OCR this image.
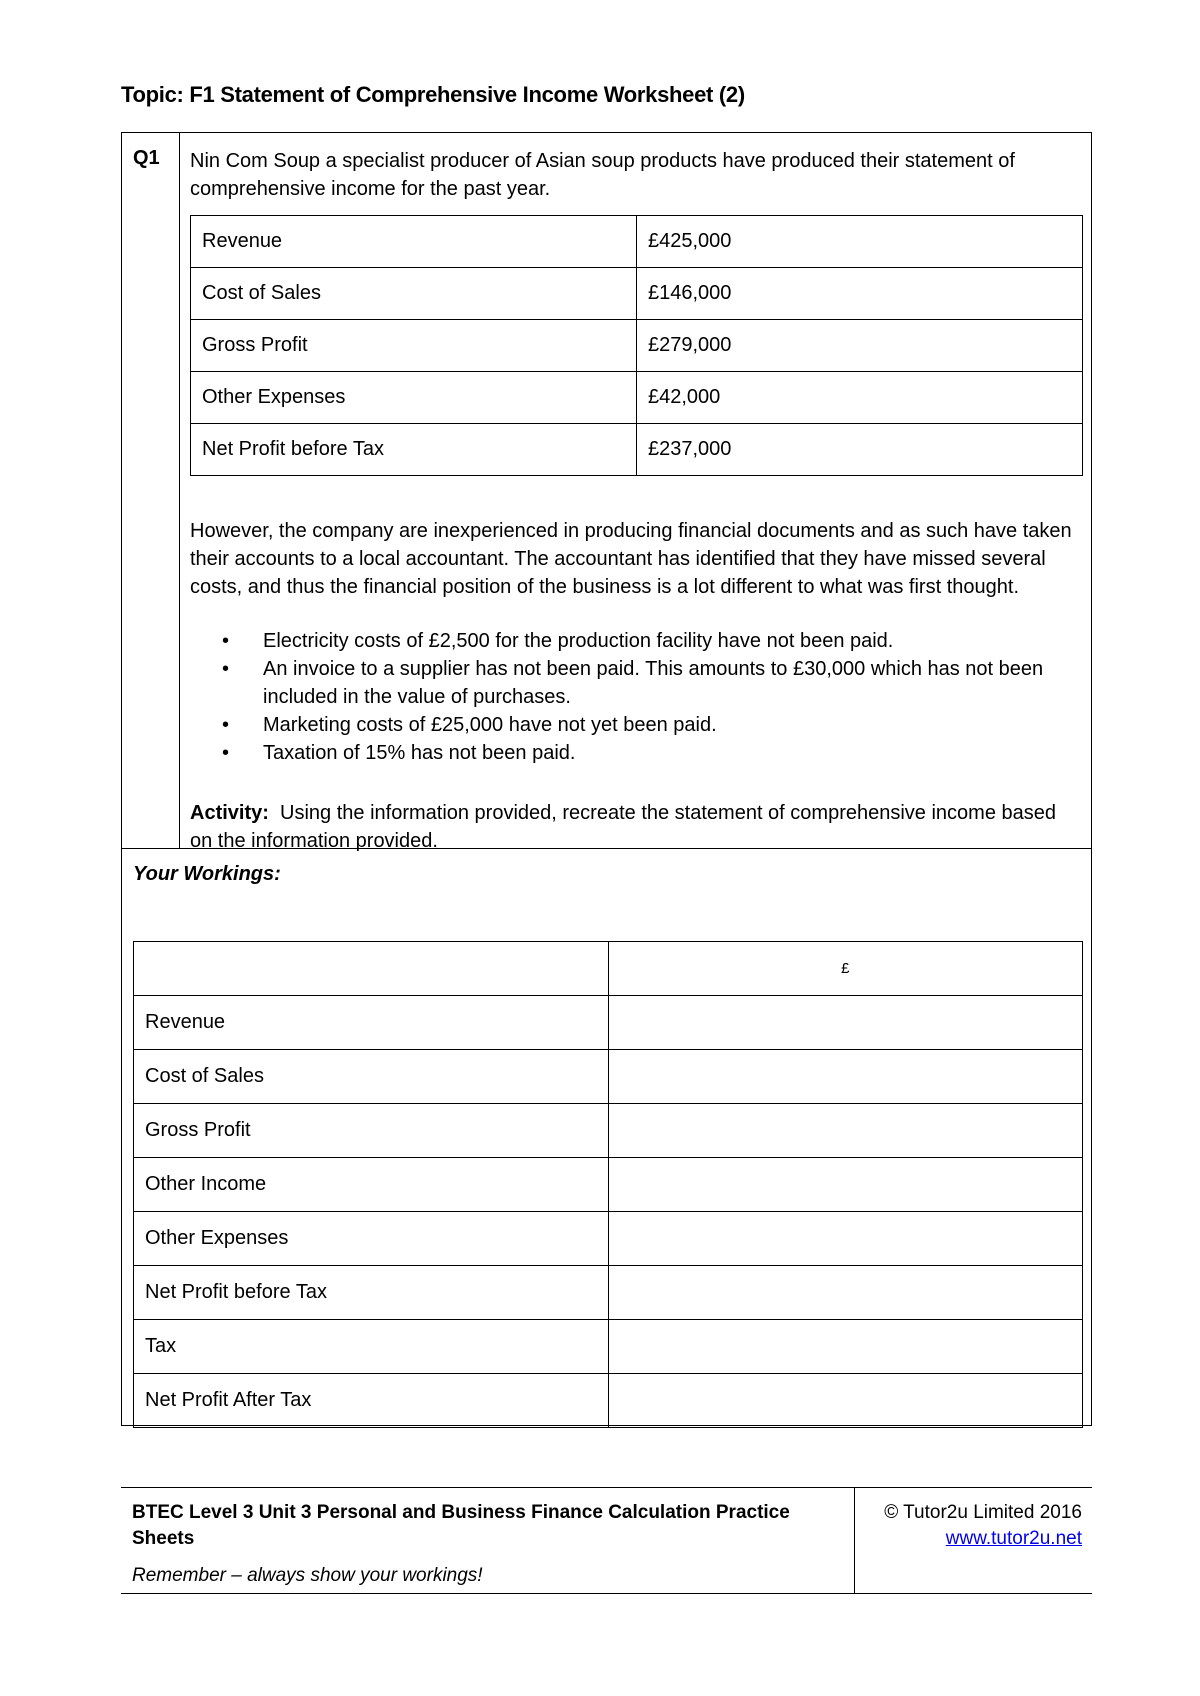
Topic: F1 Statement of Comprehensive Income Worksheet (2)
Q1 Nin Com Soup a specialist producer of Asian soup products have produced their statement of comprehensive income for the past year.

Revenue	£425,000
Cost of Sales	£146,000
Gross Profit	£279,000
Other Expenses	£42,000
Net Profit before Tax	£237,000

However, the company are inexperienced in producing financial documents and as such have taken their accounts to a local accountant. The accountant has identified that they have missed several costs, and thus the financial position of the business is a lot different to what was first thought.

• Electricity costs of £2,500 for the production facility have not been paid.
• An invoice to a supplier has not been paid. This amounts to £30,000 which has not been included in the value of purchases.
• Marketing costs of £25,000 have not yet been paid.
• Taxation of 15% has not been paid.

Activity:  Using the information provided, recreate the statement of comprehensive income based on the information provided.

Your Workings:
	£
Revenue	
Cost of Sales	
Gross Profit	
Other Income	
Other Expenses	
Net Profit before Tax	
Tax	
Net Profit After Tax	
BTEC Level 3 Unit 3 Personal and Business Finance Calculation Practice Sheets
Remember – always show your workings!
© Tutor2u Limited 2016
www.tutor2u.net
